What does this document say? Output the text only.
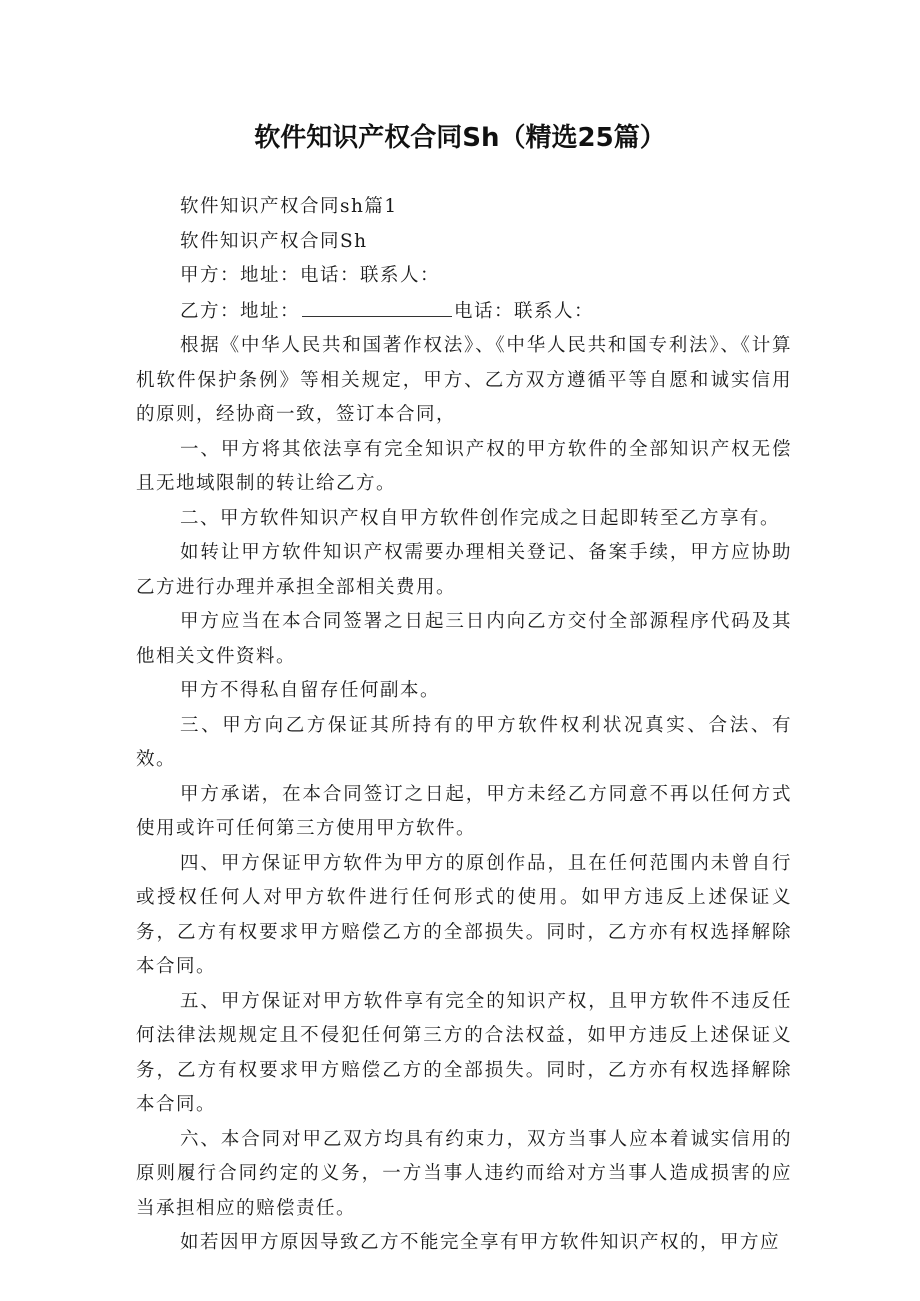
软件知识产权合同Sh（精选25篇）

软件知识产权合同sh篇1

软件知识产权合同Sh

甲方：地址：电话：联系人：

乙方：地址：	电话：联系人：

根据《中华人民共和国著作权法》、《中华人民共和国专利法》、《计算机软件保护条例》等相关规定，甲方、乙方双方遵循平等自愿和诚实信用的原则，经协商一致，签订本合同，

一、甲方将其依法享有完全知识产权的甲方软件的全部知识产权无偿且无地域限制的转让给乙方。

二、甲方软件知识产权自甲方软件创作完成之日起即转至乙方享有。

如转让甲方软件知识产权需要办理相关登记、备案手续，甲方应协助乙方进行办理并承担全部相关费用。

甲方应当在本合同签署之日起三日内向乙方交付全部源程序代码及其他相关文件资料。

甲方不得私自留存任何副本。

三、甲方向乙方保证其所持有的甲方软件权利状况真实、合法、有效。

甲方承诺，在本合同签订之日起，甲方未经乙方同意不再以任何方式使用或许可任何第三方使用甲方软件。

四、甲方保证甲方软件为甲方的原创作品，且在任何范围内未曾自行或授权任何人对甲方软件进行任何形式的使用。如甲方违反上述保证义务，乙方有权要求甲方赔偿乙方的全部损失。同时，乙方亦有权选择解除本合同。

五、甲方保证对甲方软件享有完全的知识产权，且甲方软件不违反任何法律法规规定且不侵犯任何第三方的合法权益，如甲方违反上述保证义务，乙方有权要求甲方赔偿乙方的全部损失。同时，乙方亦有权选择解除本合同。

六、本合同对甲乙双方均具有约束力，双方当事人应本着诚实信用的原则履行合同约定的义务，一方当事人违约而给对方当事人造成损害的应当承担相应的赔偿责任。

如若因甲方原因导致乙方不能完全享有甲方软件知识产权的，甲方应
